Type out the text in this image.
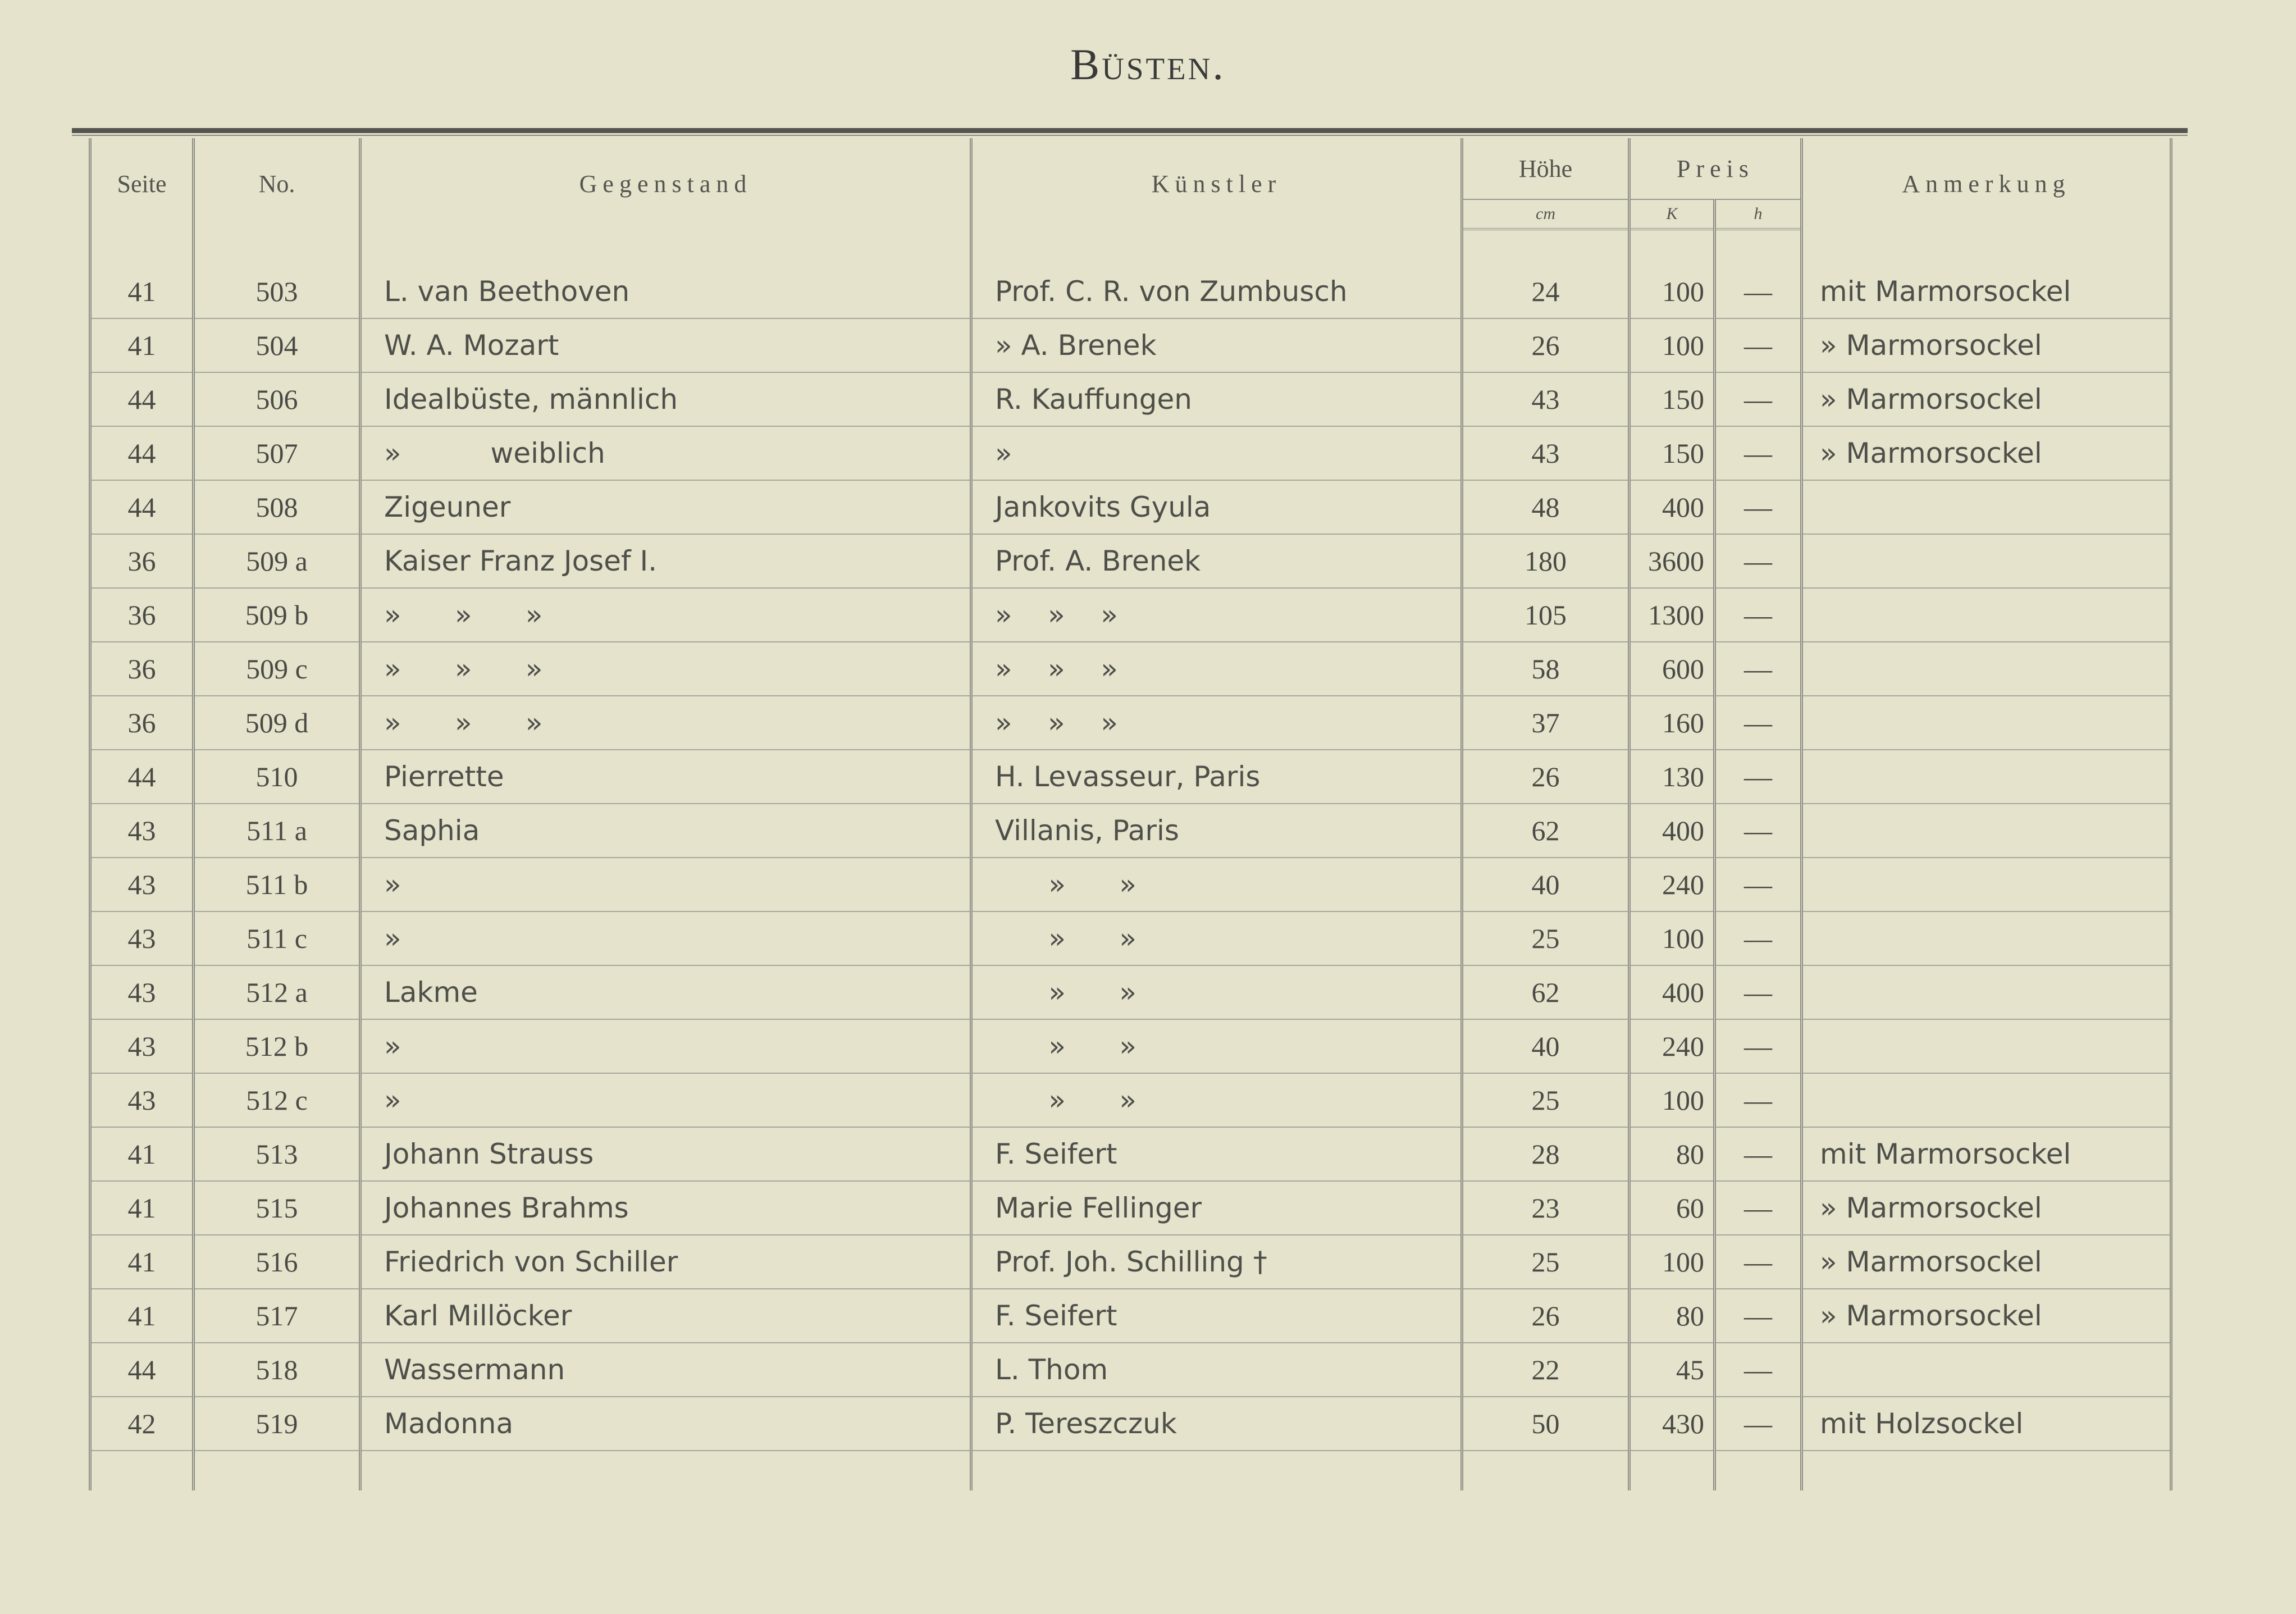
Büsten.
Seite	No.	Gegenstand	Künstler	Höhe	Preis		Anmerkung
				cm	K	h	

41	503	L. van Beethoven	Prof. C. R. von Zumbusch	24	100	—	mit Marmorsockel
41	504	W. A. Mozart	» A. Brenek	26	100	—	» Marmorsockel
44	506	Idealbüste, männlich	R. Kauffungen	43	150	—	» Marmorsockel
44	507	»          weiblich	»	43	150	—	» Marmorsockel
44	508	Zigeuner	Jankovits Gyula	48	400	—	
36	509 a	Kaiser Franz Josef I.	Prof. A. Brenek	180	3600	—	
36	509 b	»      »      »	»    »    »	105	1300	—	
36	509 c	»      »      »	»    »    »	58	600	—	
36	509 d	»      »      »	»    »    »	37	160	—	
44	510	Pierrette	H. Levasseur, Paris	26	130	—	
43	511 a	Saphia	Villanis, Paris	62	400	—	
43	511 b	»	»      »	40	240	—	
43	511 c	»	»      »	25	100	—	
43	512 a	Lakme	»      »	62	400	—	
43	512 b	»	»      »	40	240	—	
43	512 c	»	»      »	25	100	—	
41	513	Johann Strauss	F. Seifert	28	80	—	mit Marmorsockel
41	515	Johannes Brahms	Marie Fellinger	23	60	—	» Marmorsockel
41	516	Friedrich von Schiller	Prof. Joh. Schilling †	25	100	—	» Marmorsockel
41	517	Karl Millöcker	F. Seifert	26	80	—	» Marmorsockel
44	518	Wassermann	L. Thom	22	45	—	
42	519	Madonna	P. Tereszczuk	50	430	—	mit Holzsockel
